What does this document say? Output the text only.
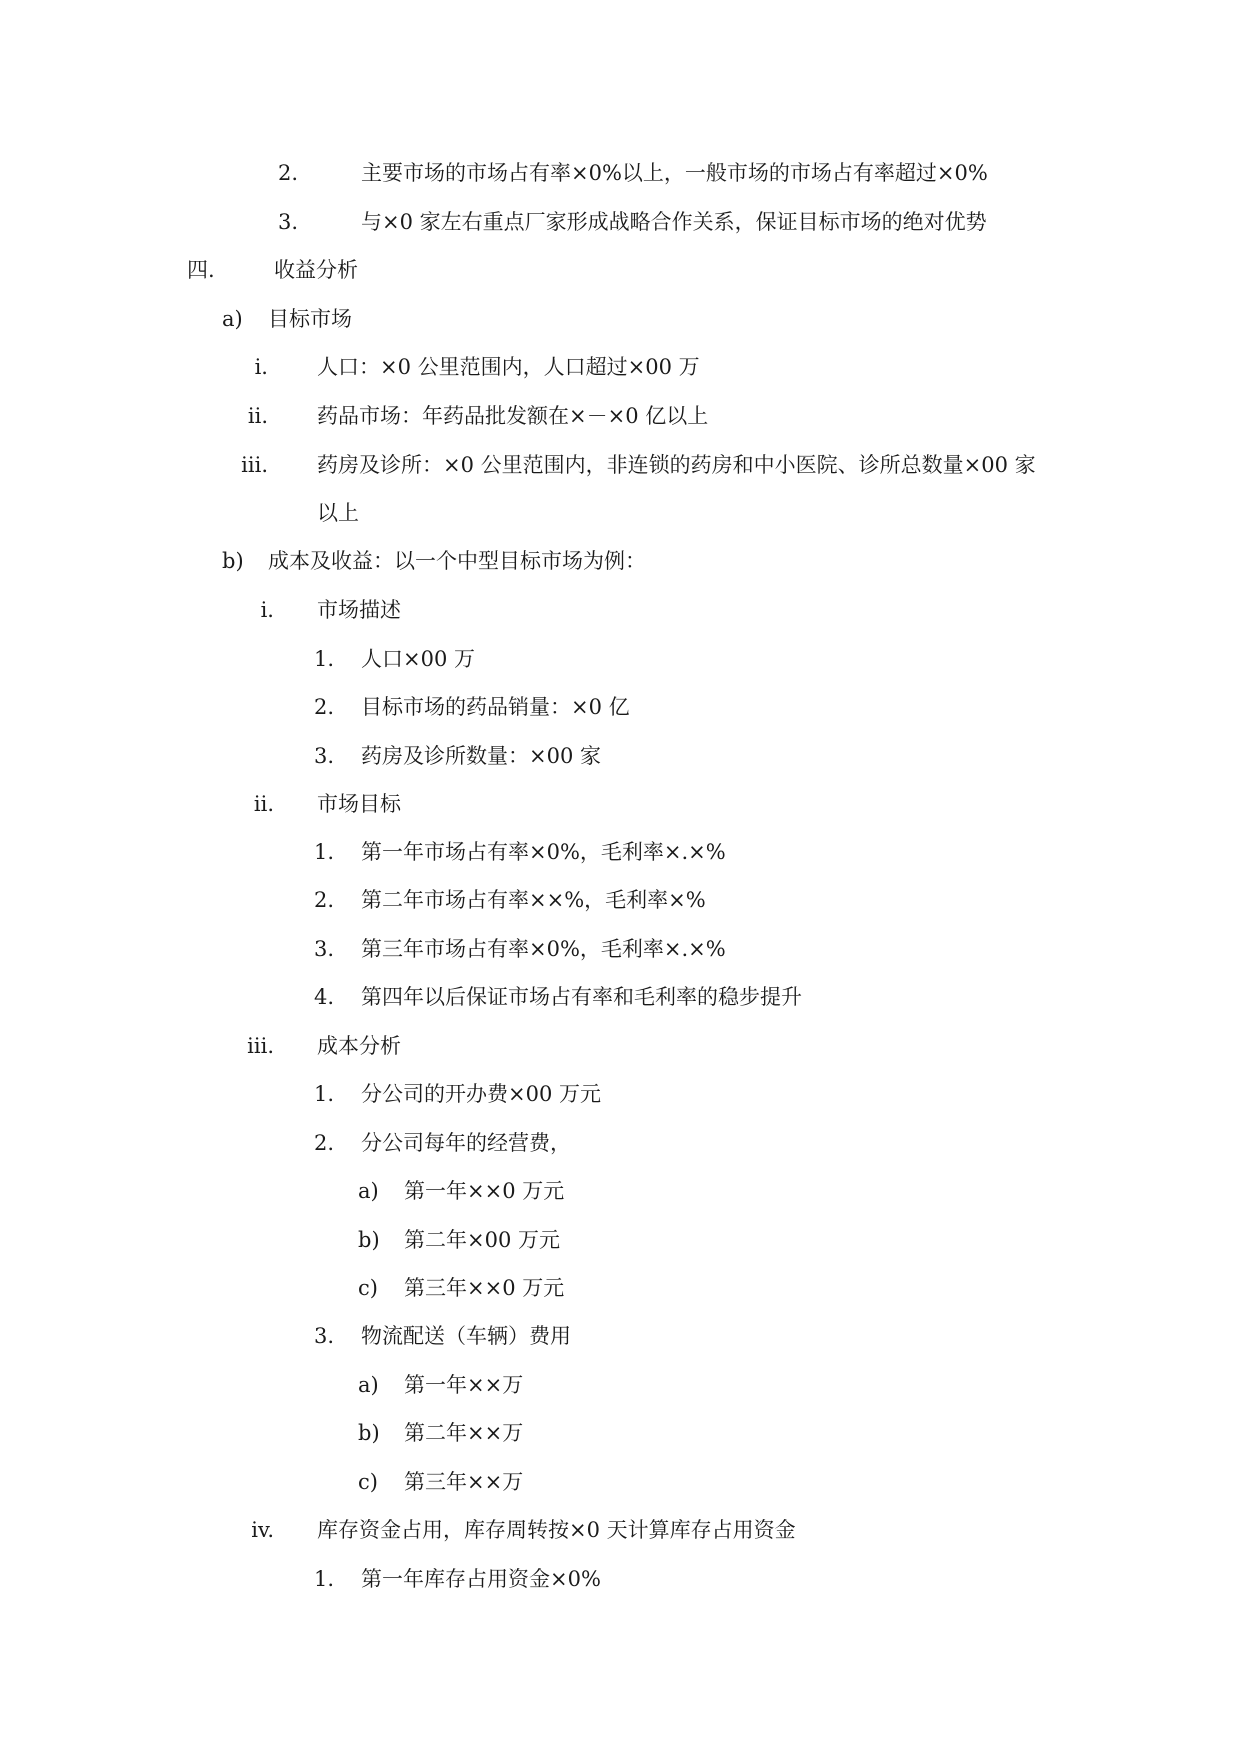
2.	主要市场的市场占有率×0%以上，一般市场的市场占有率超过×0%
3.	与×0 家左右重点厂家形成战略合作关系，保证目标市场的绝对优势
四.	收益分析
a)	目标市场
i. 人口：×0 公里范围内，人口超过×00 万
ii. 药品市场：年药品批发额在×－×0 亿以上
iii. 药房及诊所：×0 公里范围内，非连锁的药房和中小医院、诊所总数量×00 家
以上
b)	成本及收益：以一个中型目标市场为例：
i. 市场描述
1. 人口×00 万
2. 目标市场的药品销量：×0 亿
3. 药房及诊所数量：×00 家
ii. 市场目标
1. 第一年市场占有率×0%，毛利率×.×%
2. 第二年市场占有率××%，毛利率×%
3. 第三年市场占有率×0%，毛利率×.×%
4. 第四年以后保证市场占有率和毛利率的稳步提升
iii. 成本分析
1. 分公司的开办费×00 万元
2. 分公司每年的经营费，
a) 第一年××0 万元
b) 第二年×00 万元
c) 第三年××0 万元
3. 物流配送（车辆）费用
a) 第一年××万
b) 第二年××万
c) 第三年××万
iv. 库存资金占用，库存周转按×0 天计算库存占用资金
1. 第一年库存占用资金×0%
